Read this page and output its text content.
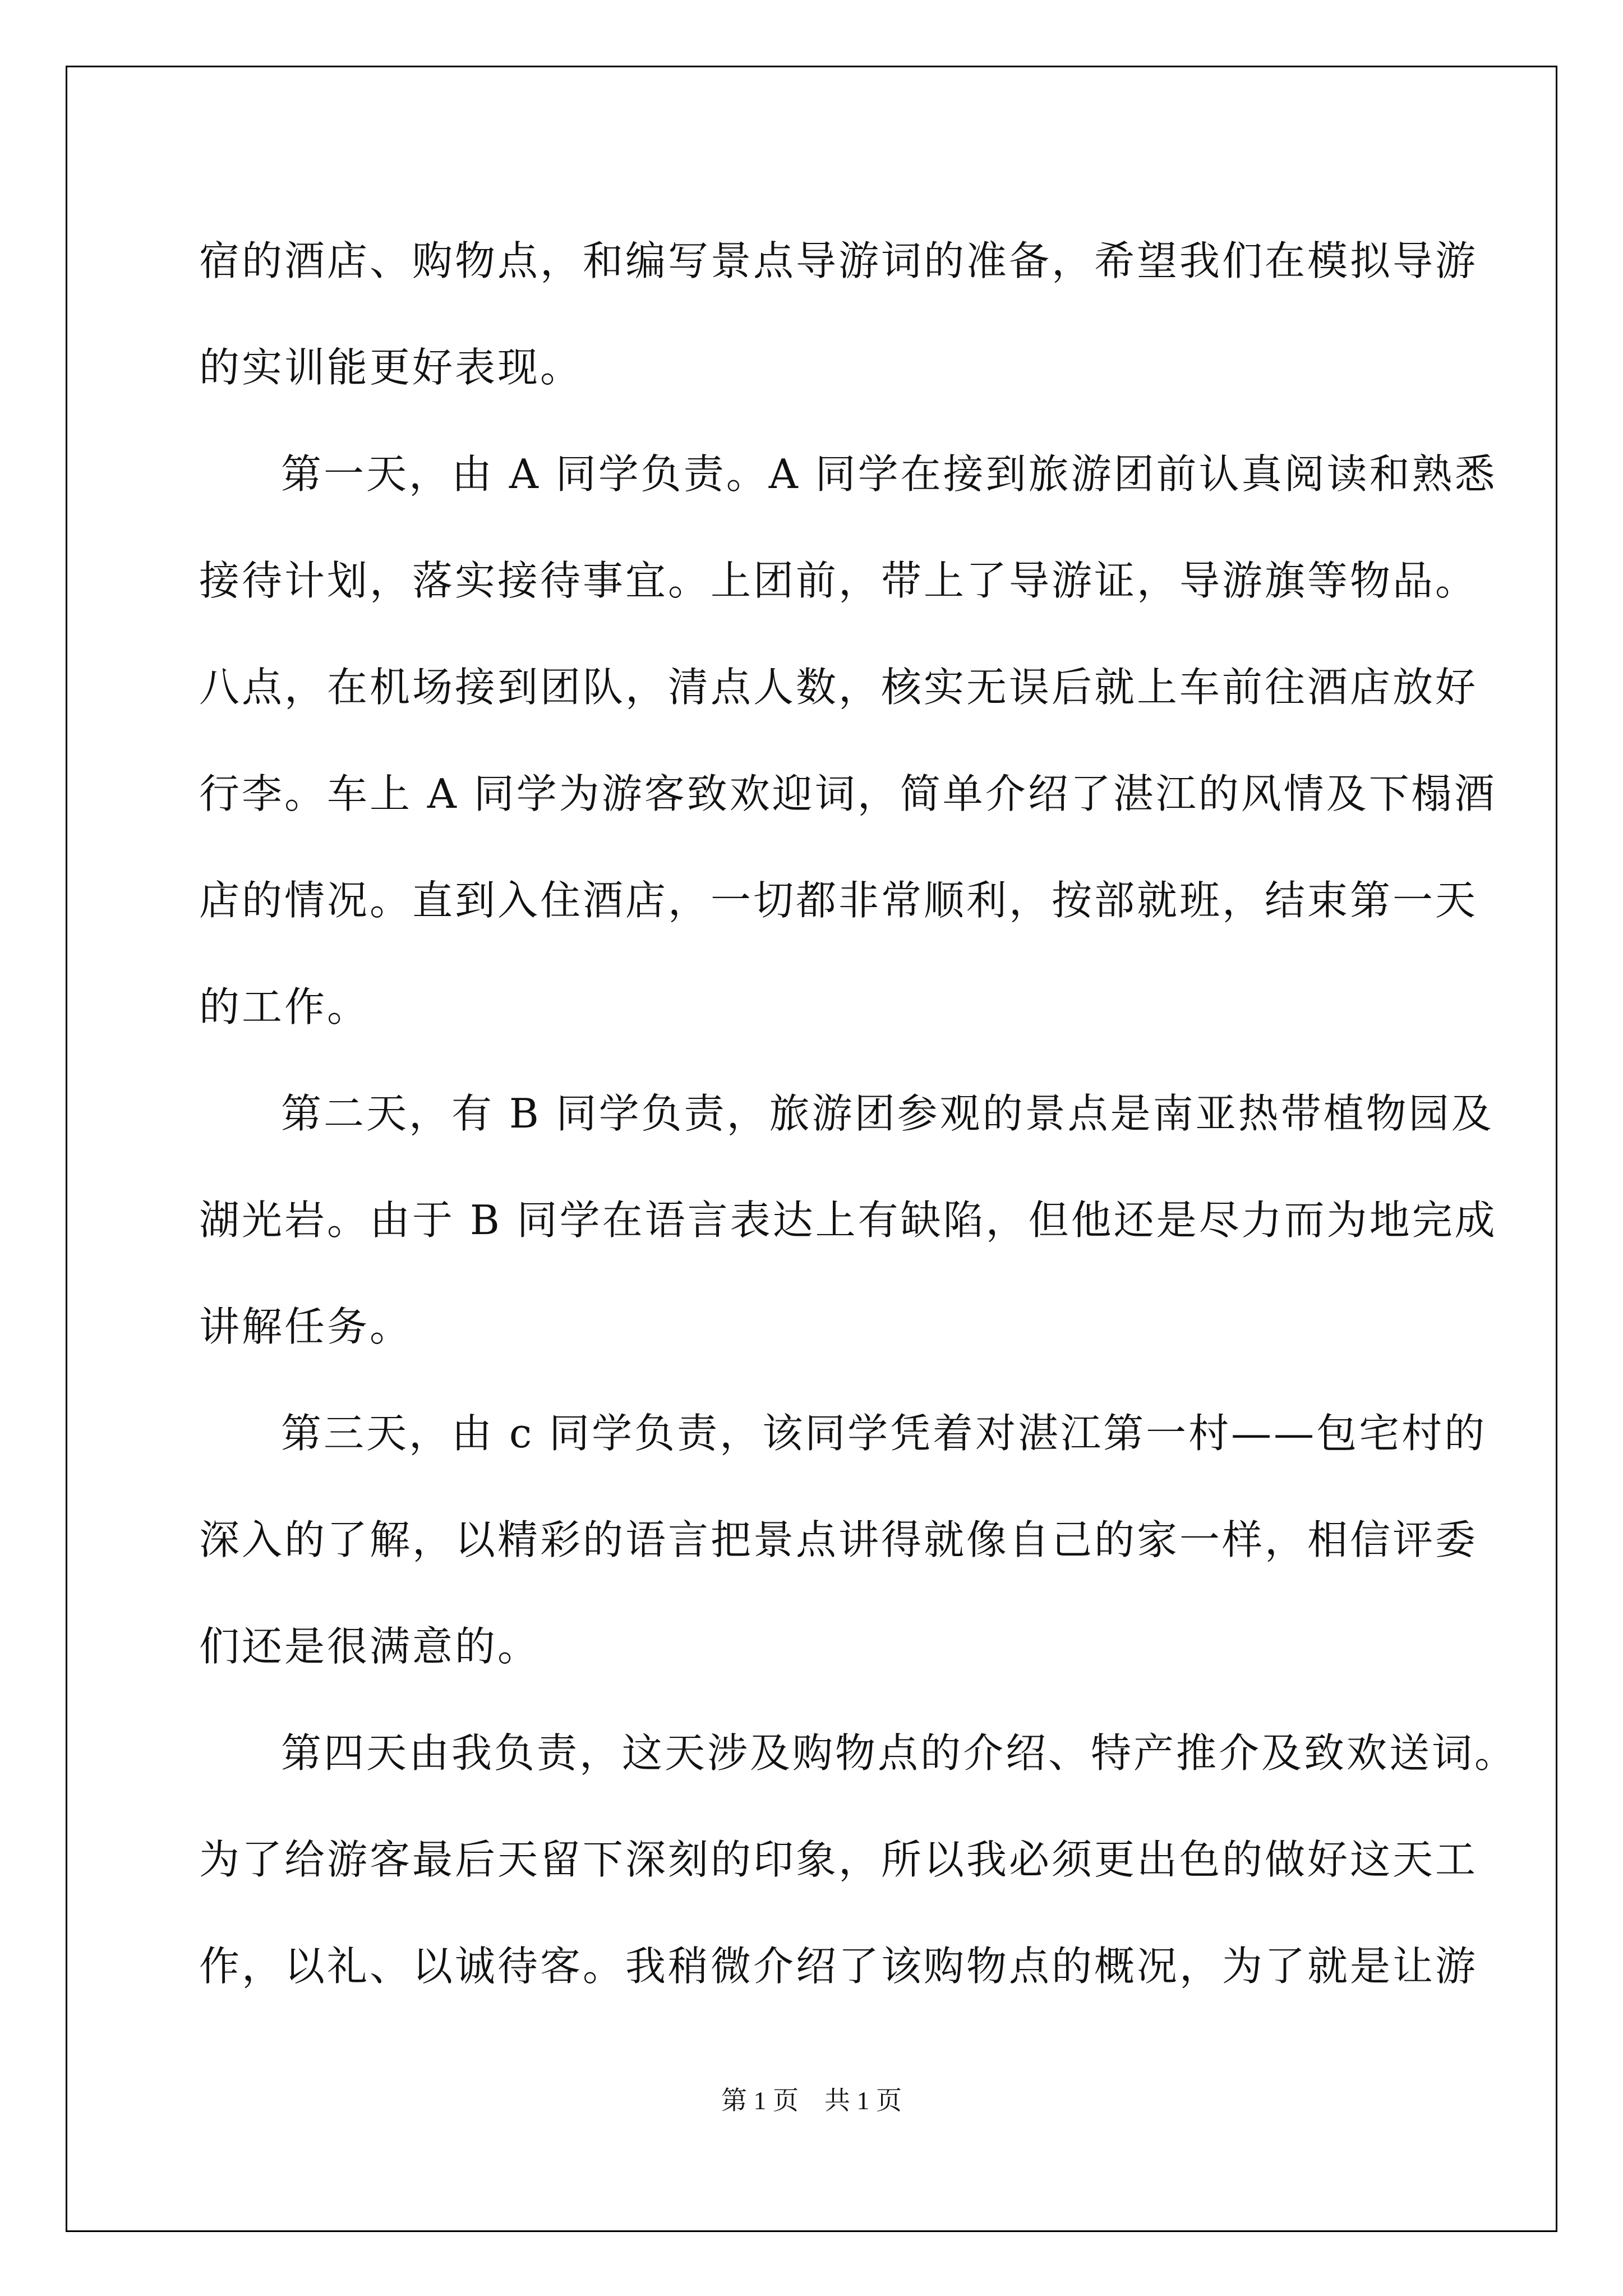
宿的酒店、购物点，和编写景点导游词的准备，希望我们在模拟导游
的实训能更好表现。
第一天，由 A 同学负责。A 同学在接到旅游团前认真阅读和熟悉
接待计划，落实接待事宜。上团前，带上了导游证，导游旗等物品。
八点，在机场接到团队，清点人数，核实无误后就上车前往酒店放好
行李。车上 A 同学为游客致欢迎词，简单介绍了湛江的风情及下榻酒
店的情况。直到入住酒店，一切都非常顺利，按部就班，结束第一天
的工作。
第二天，有 B 同学负责，旅游团参观的景点是南亚热带植物园及
湖光岩。由于 B 同学在语言表达上有缺陷，但他还是尽力而为地完成
讲解任务。
第三天，由 c 同学负责，该同学凭着对湛江第一村——包宅村的
深入的了解，以精彩的语言把景点讲得就像自己的家一样，相信评委
们还是很满意的。
第四天由我负责，这天涉及购物点的介绍、特产推介及致欢送词。
为了给游客最后天留下深刻的印象，所以我必须更出色的做好这天工
作，以礼、以诚待客。我稍微介绍了该购物点的概况，为了就是让游
第 1 页　共 1 页
